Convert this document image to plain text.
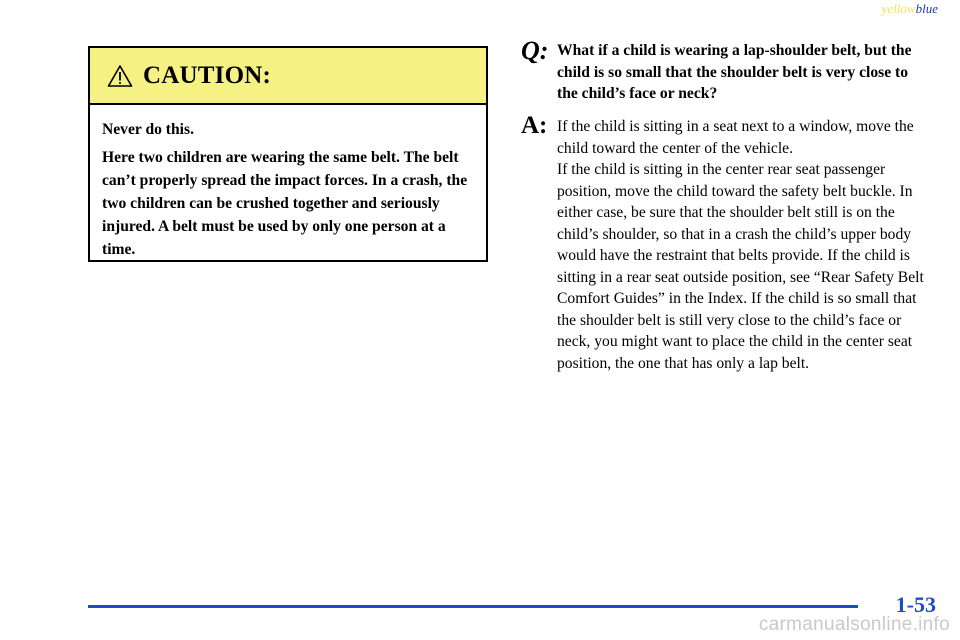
yellowblue
CAUTION:

Never do this.

Here two children are wearing the same belt. The belt can’t properly spread the impact forces. In a crash, the two children can be crushed together and seriously injured. A belt must be used by only one person at a time.

Q: What if a child is wearing a lap-shoulder belt, but the child is so small that the shoulder belt is very close to the child’s face or neck?
A: If the child is sitting in a seat next to a window, move the child toward the center of the vehicle.

If the child is sitting in the center rear seat passenger position, move the child toward the safety belt buckle. In either case, be sure that the shoulder belt still is on the child’s shoulder, so that in a crash the child’s upper body would have the restraint that belts provide. If the child is sitting in a rear seat outside position, see “Rear Safety Belt Comfort Guides” in the Index. If the child is so small that the shoulder belt is still very close to the child’s face or neck, you might want to place the child in the center seat position, the one that has only a lap belt.

1-53
carmanualsonline.info
